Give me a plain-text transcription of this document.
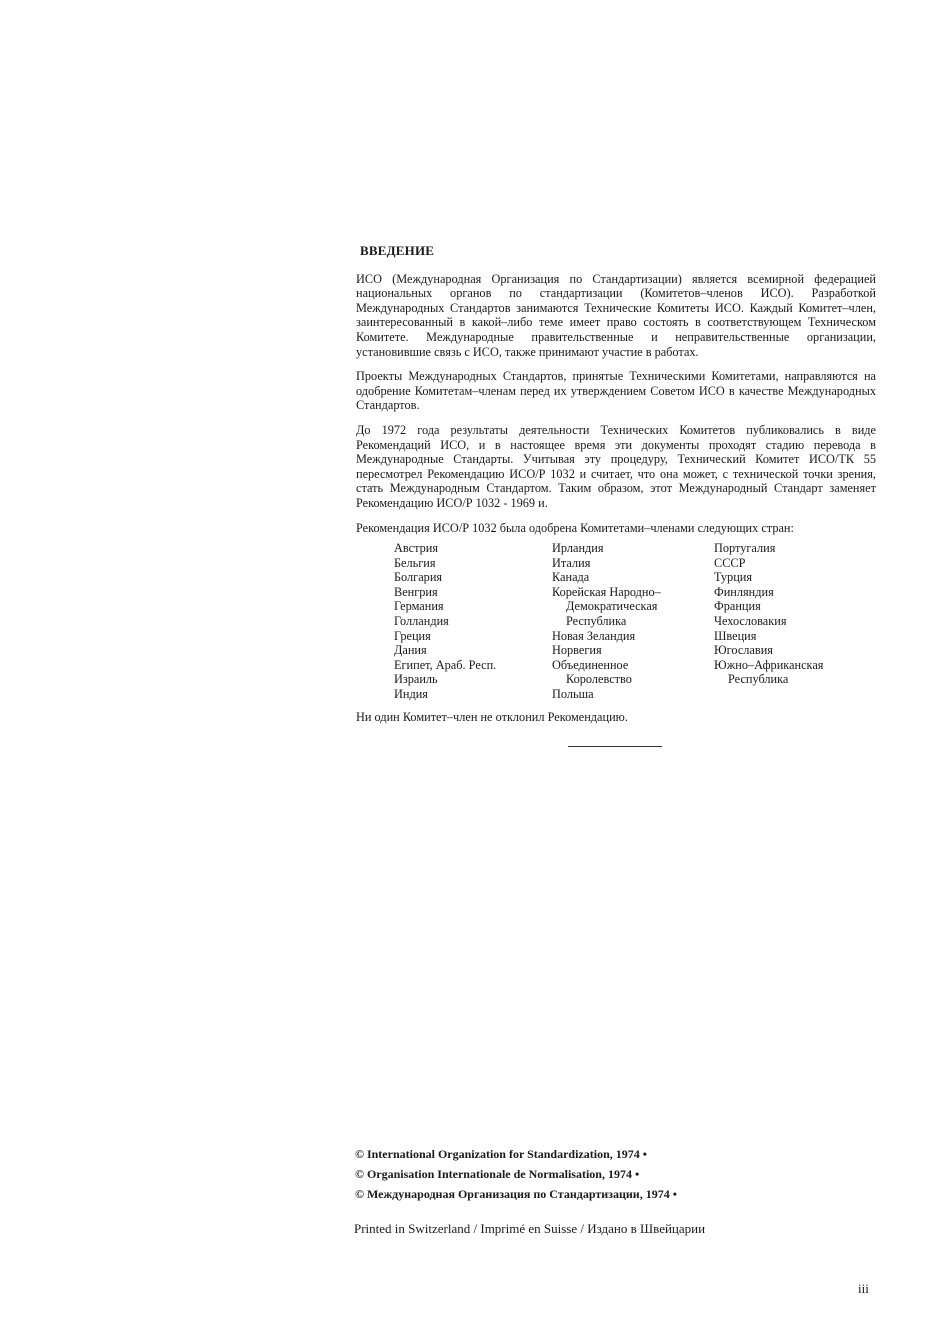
ВВЕДЕНИЕ

ИСО (Международная Организация по Стандартизации) является всемирной федерацией национальных органов по стандартизации (Комитетов–членов ИСО). Разработкой Международных Стандартов занимаются Технические Комитеты ИСО. Каждый Комитет–член, заинтересованный в какой–либо теме имеет право состоять в соответствующем Техническом Комитете. Международные правительственные и неправительственные организации, установившие связь с ИСО, также принимают участие в работах.

Проекты Международных Стандартов, принятые Техническими Комитетами, направляются на одобрение Комитетам–членам перед их утверждением Советом ИСО в качестве Международных Стандартов.

До 1972 года результаты деятельности Технических Комитетов публиковались в виде Рекомендаций ИСО, и в настоящее время эти документы проходят стадию перевода в Международные Стандарты. Учитывая эту процедуру, Технический Комитет ИСО/ТК 55 пересмотрел Рекомендацию ИСО/Р 1032 и считает, что она может, с технической точки зрения, стать Международным Стандартом. Таким образом, этот Международный Стандарт заменяет Рекомендацию ИСО/Р 1032 - 1969 и.

Рекомендация ИСО/Р 1032 была одобрена Комитетами–членами следующих стран:

Австрия
Бельгия
Болгария
Венгрия
Германия
Голландия
Греция
Дания
Египет, Араб. Респ.
Израиль
Индия
Ирландия
Италия
Канада
Корейская Народно–
Демократическая
Республика
Новая Зеландия
Норвегия
Объединенное
Королевство
Польша
Португалия
СССР
Турция
Финляндия
Франция
Чехословакия
Швеция
Югославия
Южно–Африканская
Республика

Ни один Комитет–член не отклонил Рекомендацию.

© International Organization for Standardization, 1974 •
© Organisation Internationale de Normalisation, 1974 •
© Международная Организация по Стандартизации, 1974 •
Printed in Switzerland / Imprimé en Suisse / Издано в Швейцарии
iii
